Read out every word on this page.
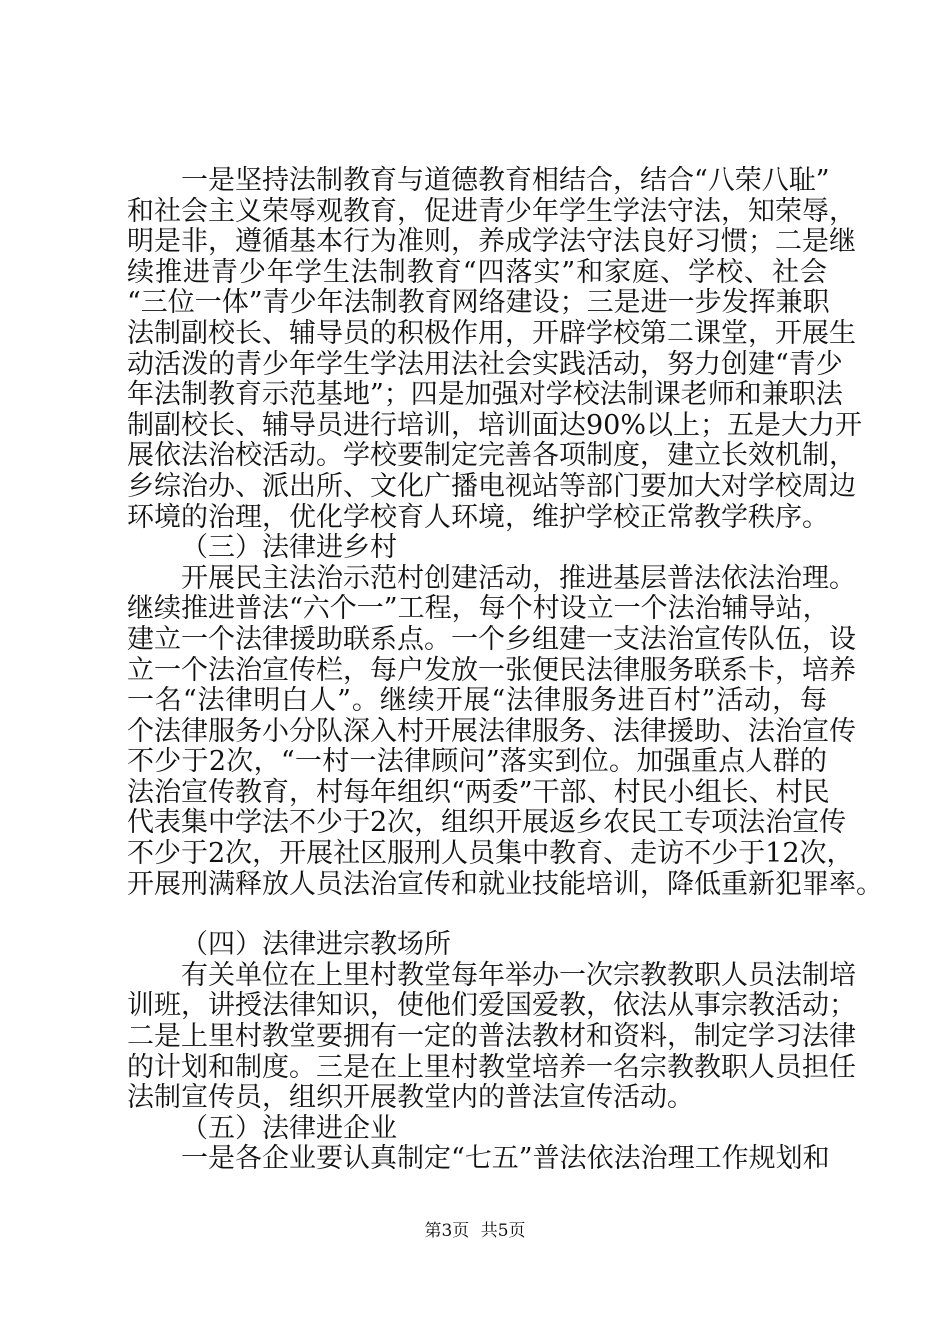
一是坚持法制教育与道德教育相结合，结合“八荣八耻”
和社会主义荣辱观教育，促进青少年学生学法守法，知荣辱，
明是非，遵循基本行为准则，养成学法守法良好习惯；二是继
续推进青少年学生法制教育“四落实”和家庭、学校、社会
“三位一体”青少年法制教育网络建设；三是进一步发挥兼职
法制副校长、辅导员的积极作用，开辟学校第二课堂，开展生
动活泼的青少年学生学法用法社会实践活动，努力创建“青少
年法制教育示范基地”；四是加强对学校法制课老师和兼职法
制副校长、辅导员进行培训，培训面达90%以上；五是大力开
展依法治校活动。学校要制定完善各项制度，建立长效机制，
乡综治办、派出所、文化广播电视站等部门要加大对学校周边
环境的治理，优化学校育人环境，维护学校正常教学秩序。
（三）法律进乡村
开展民主法治示范村创建活动，推进基层普法依法治理。
继续推进普法“六个一”工程，每个村设立一个法治辅导站，
建立一个法律援助联系点。一个乡组建一支法治宣传队伍，设
立一个法治宣传栏，每户发放一张便民法律服务联系卡，培养
一名“法律明白人”。继续开展“法律服务进百村”活动，每
个法律服务小分队深入村开展法律服务、法律援助、法治宣传
不少于2次，“一村一法律顾问”落实到位。加强重点人群的
法治宣传教育，村每年组织“两委”干部、村民小组长、村民
代表集中学法不少于2次，组织开展返乡农民工专项法治宣传
不少于2次，开展社区服刑人员集中教育、走访不少于12次，
开展刑满释放人员法治宣传和就业技能培训，降低重新犯罪率。
（四）法律进宗教场所
有关单位在上里村教堂每年举办一次宗教教职人员法制培
训班，讲授法律知识，使他们爱国爱教，依法从事宗教活动；
二是上里村教堂要拥有一定的普法教材和资料，制定学习法律
的计划和制度。三是在上里村教堂培养一名宗教教职人员担任
法制宣传员，组织开展教堂内的普法宣传活动。
（五）法律进企业
一是各企业要认真制定“七五”普法依法治理工作规划和
第3页 共5页
